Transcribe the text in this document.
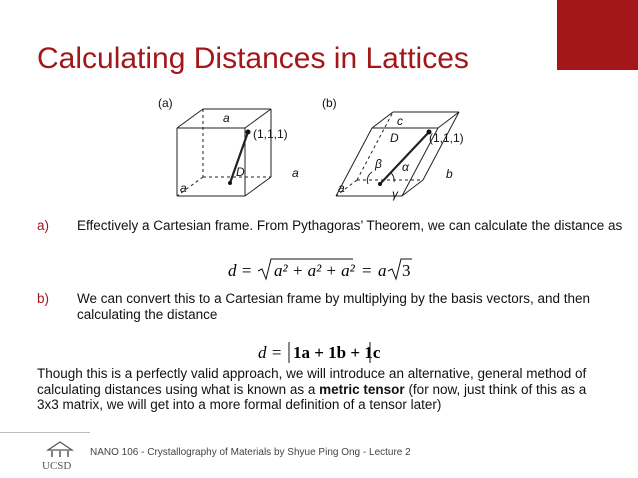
Calculating Distances in Lattices
(a)
a
(1,1,1)
D	a
a
(b)
c
D	(1,1,1)
β α	b
a	γ
a) Effectively a Cartesian frame. From Pythagoras’ Theorem, we can calculate the distance as
d = a² + a² + a² = a 3
b) We can convert this to a Cartesian frame by multiplying by the basis vectors, and then calculating the distance
d = 1a + 1b + 1c
Though this is a perfectly valid approach, we will introduce an alternative, general method of calculating distances using what is known as a metric tensor (for now, just think of this as a 3x3 matrix, we will get into a more formal definition of a tensor later)
UCSD
NANO 106 - Crystallography of Materials by Shyue Ping Ong - Lecture 2
